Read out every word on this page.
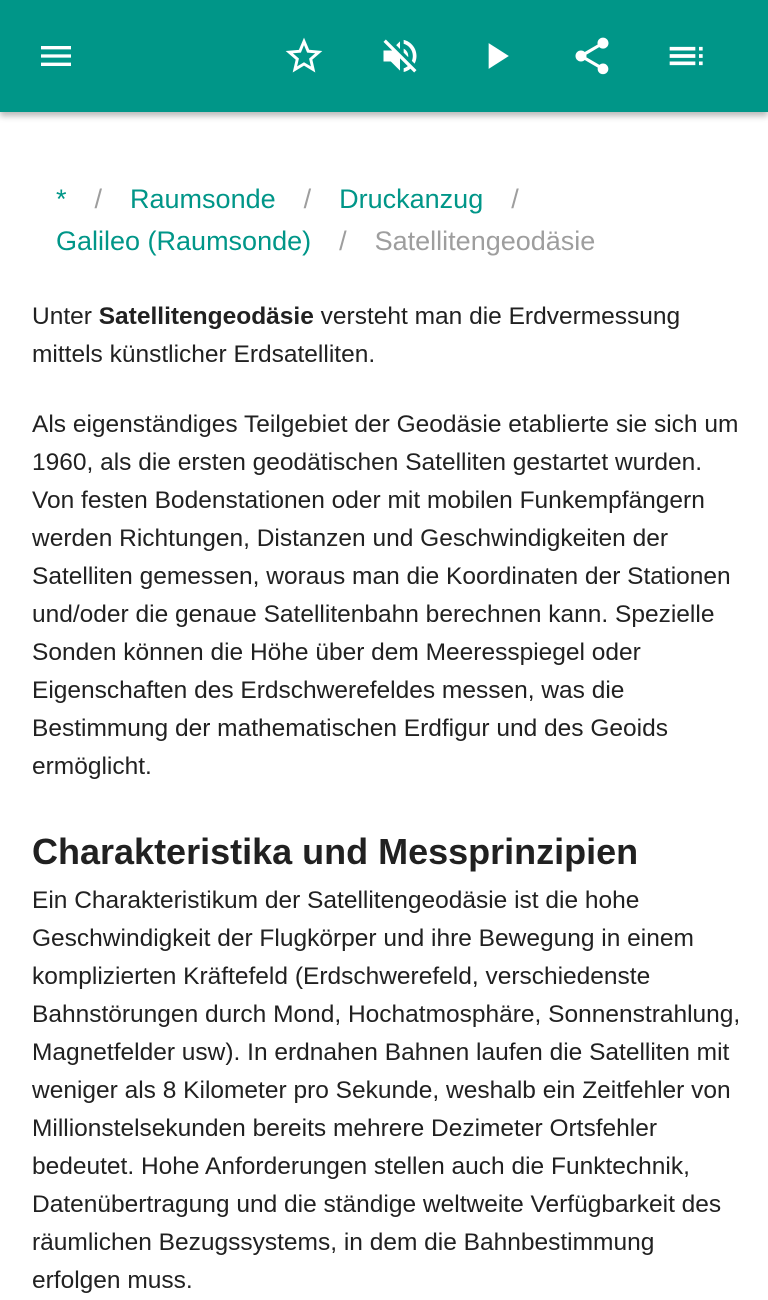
* / Raumsonde / Druckanzug /
Galileo (Raumsonde) / Satellitengeodäsie

Unter Satellitengeodäsie versteht man die Erdvermessung mittels künstlicher Erdsatelliten.

Als eigenständiges Teilgebiet der Geodäsie etablierte sie sich um 1960, als die ersten geodätischen Satelliten gestartet wurden. Von festen Bodenstationen oder mit mobilen Funkempfängern werden Richtungen, Distanzen und Geschwindigkeiten der Satelliten gemessen, woraus man die Koordinaten der Stationen und/oder die genaue Satellitenbahn berechnen kann. Spezielle Sonden können die Höhe über dem Meeresspiegel oder Eigenschaften des Erdschwerefeldes messen, was die Bestimmung der mathematischen Erdfigur und des Geoids ermöglicht.

Charakteristika und Messprinzipien

Ein Charakteristikum der Satellitengeodäsie ist die hohe Geschwindigkeit der Flugkörper und ihre Bewegung in einem komplizierten Kräftefeld (Erdschwerefeld, verschiedenste Bahnstörungen durch Mond, Hochatmosphäre, Sonnenstrahlung, Magnetfelder usw). In erdnahen Bahnen laufen die Satelliten mit weniger als 8 Kilometer pro Sekunde, weshalb ein Zeitfehler von Millionstelsekunden bereits mehrere Dezimeter Ortsfehler bedeutet. Hohe Anforderungen stellen auch die Funktechnik, Datenübertragung und die ständige weltweite Verfügbarkeit des räumlichen Bezugssystems, in dem die Bahnbestimmung erfolgen muss.
